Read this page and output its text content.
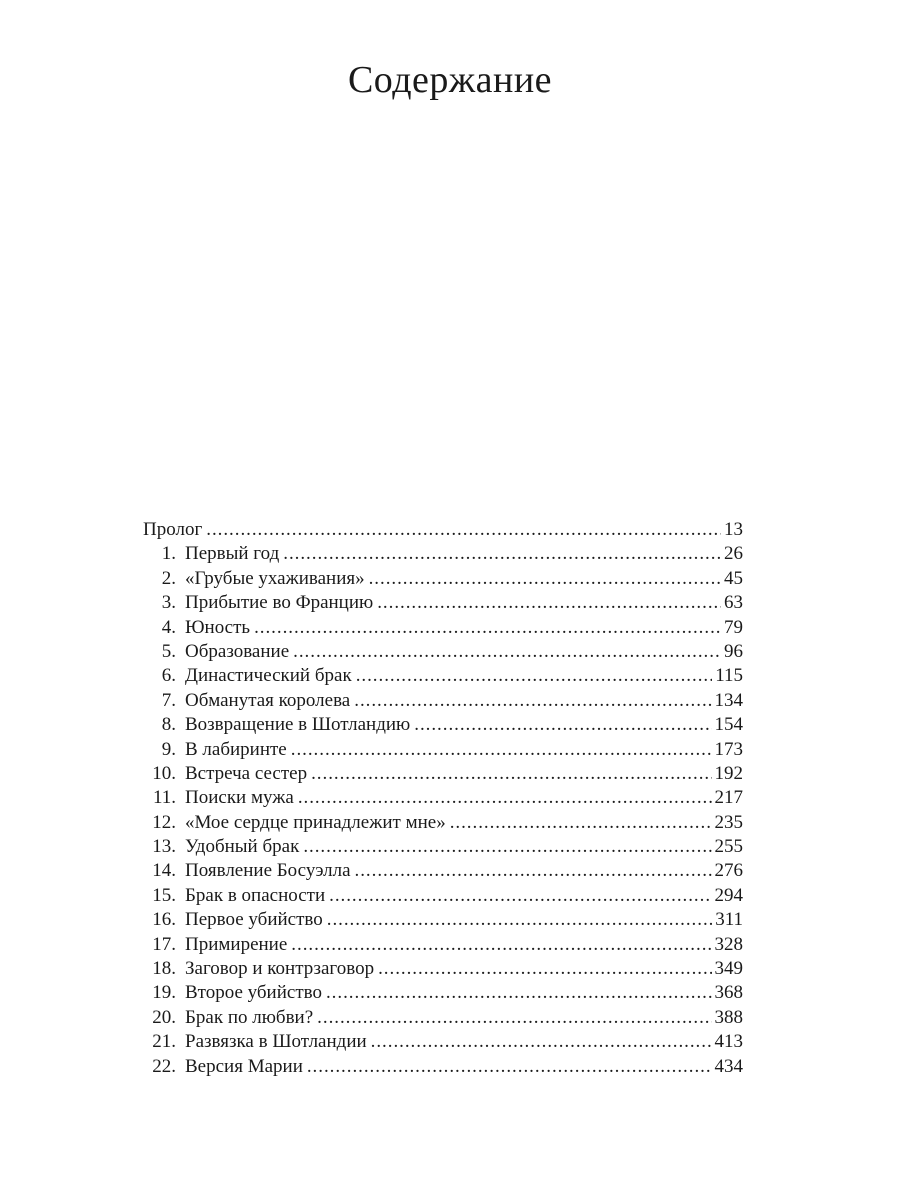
Содержание
Пролог . . .	13
1. Первый год . . .	26
2. «Грубые ухаживания» . . .	45
3. Прибытие во Францию . . .	63
4. Юность . . .	79
5. Образование . . .	96
6. Династический брак . . .	115
7. Обманутая королева . . .	134
8. Возвращение в Шотландию . . .	154
9. В лабиринте . . .	173
10. Встреча сестер . . .	192
11. Поиски мужа . . .	217
12. «Мое сердце принадлежит мне» . . .	235
13. Удобный брак . . .	255
14. Появление Босуэлла . . .	276
15. Брак в опасности . . .	294
16. Первое убийство . . .	311
17. Примирение . . .	328
18. Заговор и контрзаговор . . .	349
19. Второе убийство . . .	368
20. Брак по любви? . . .	388
21. Развязка в Шотландии . . .	413
22. Версия Марии . . .	434
